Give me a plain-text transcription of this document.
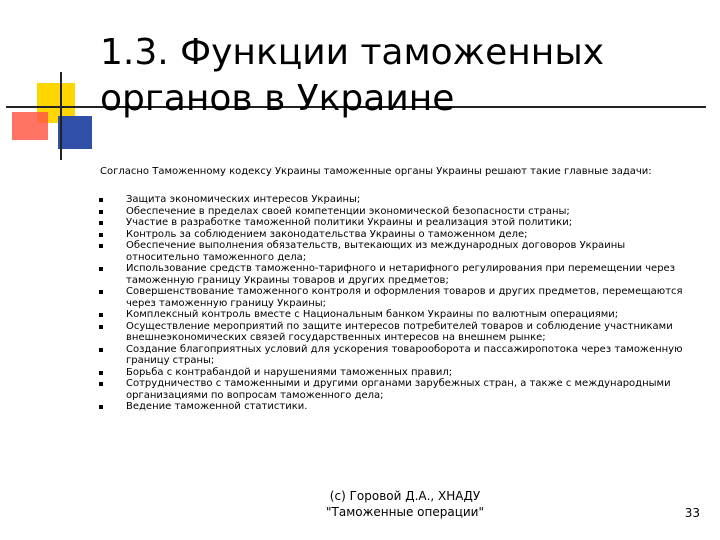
1.3. Функции таможенных
органов в Украине
Согласно Таможенному кодексу Украины таможенные органы Украины решают такие главные задачи:
Защита экономических интересов Украины;
Обеспечение в пределах своей компетенции экономической безопасности страны;
Участие в разработке таможенной политики Украины и реализация этой политики;
Контроль за соблюдением законодательства Украины о таможенном деле;
Обеспечение выполнения обязательств, вытекающих из международных договоров Украины относительно таможенного дела;
Использование средств таможенно-тарифного и нетарифного регулирования при перемещении через таможенную границу Украины товаров и других предметов;
Совершенствование таможенного контроля и оформления товаров и других предметов, перемещаются через таможенную границу Украины;
Комплексный контроль вместе с Национальным банком Украины по валютным операциями;
Осуществление мероприятий по защите интересов потребителей товаров и соблюдение участниками внешнеэкономических связей государственных интересов на внешнем рынке;
Создание благоприятных условий для ускорения товарооборота и пассажиропотока через таможенную границу страны;
Борьба с контрабандой и нарушениями таможенных правил;
Сотрудничество с таможенными и другими органами зарубежных стран, а также с международными организациями по вопросам таможенного дела;
Ведение таможенной статистики.
(с) Горовой Д.А., ХНАДУ
"Таможенные операции"	33
